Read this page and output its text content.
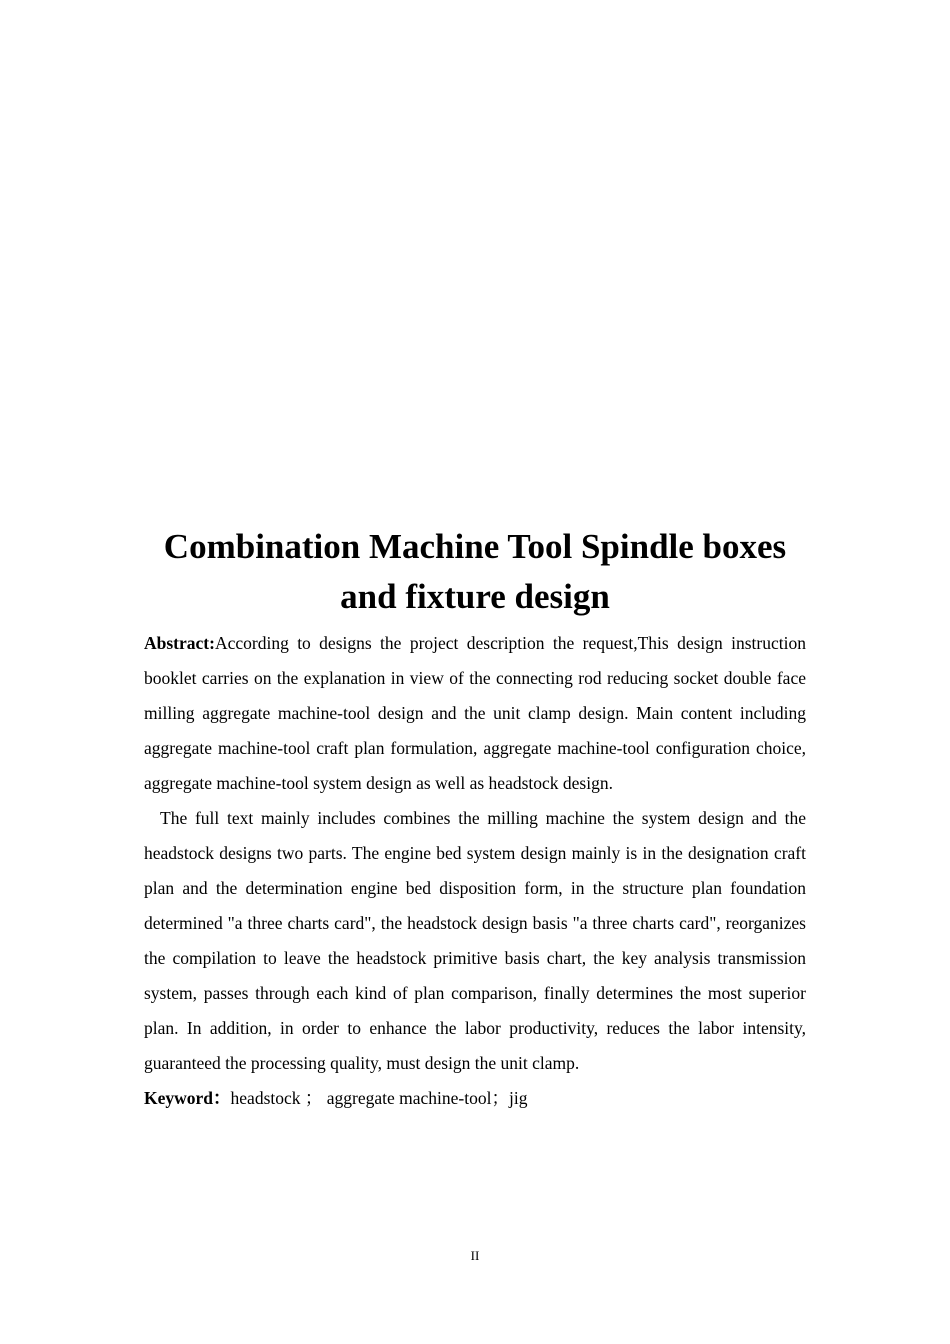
Combination Machine Tool Spindle boxes
and fixture design

Abstract:According to designs the project description the request,This design instruction booklet carries on the explanation in view of the connecting rod reducing socket double face milling aggregate machine-tool design and the unit clamp design. Main content including aggregate machine-tool craft plan formulation, aggregate machine-tool configuration choice, aggregate machine-tool system design as well as headstock design.

The full text mainly includes combines the milling machine the system design and the headstock designs two parts. The engine bed system design mainly is in the designation craft plan and the determination engine bed disposition form, in the structure plan foundation determined "a three charts card", the headstock design basis "a three charts card", reorganizes the compilation to leave the headstock primitive basis chart, the key analysis transmission system, passes through each kind of plan comparison, finally determines the most superior plan. In addition, in order to enhance the labor productivity, reduces the labor intensity, guaranteed the processing quality, must design the unit clamp.

Keyword：headstock ； aggregate machine-tool；jig

II
